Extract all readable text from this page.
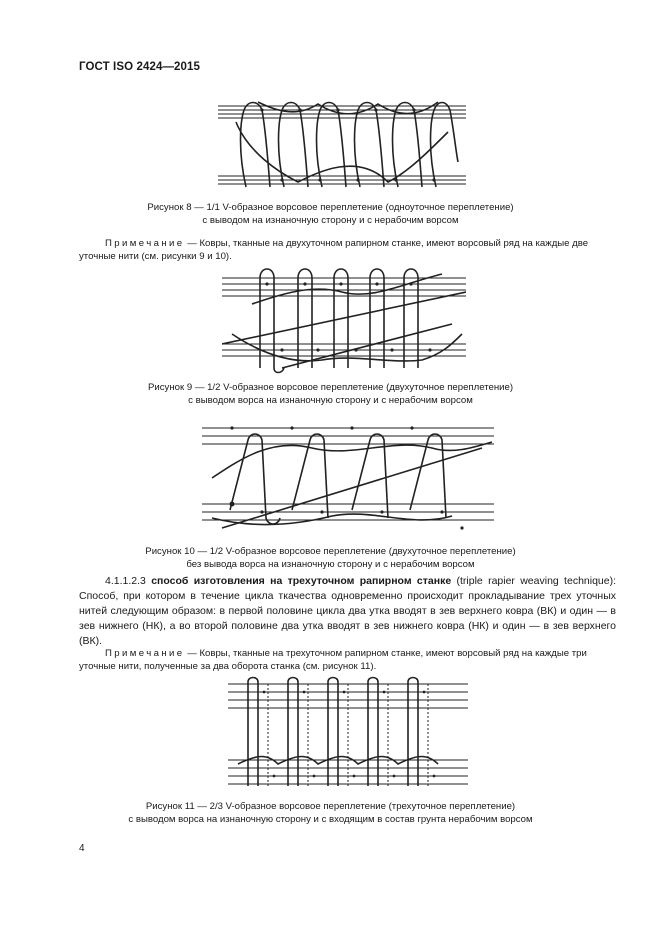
ГОСТ ISO 2424—2015
Рисунок 8 — 1/1 V-образное ворсовое переплетение (одноуточное переплетение)
с выводом на изнаночную сторону и с нерабочим ворсом
Примечание — Ковры, тканные на двухуточном рапирном станке, имеют ворсовый ряд на каждые две уточные нити (см. рисунки 9 и 10).
Рисунок 9 — 1/2 V-образное ворсовое переплетение (двухуточное переплетение)
с выводом ворса на изнаночную сторону и с нерабочим ворсом
Рисунок 10 — 1/2 V-образное ворсовое переплетение (двухуточное переплетение)
без вывода ворса на изнаночную сторону и с нерабочим ворсом
4.1.1.2.3 способ изготовления на трехуточном рапирном станке (triple rapier weaving technique): Способ, при котором в течение цикла ткачества одновременно происходит прокладывание трех уточных нитей следующим образом: в первой половине цикла два утка вводят в зев верхнего ковра (ВК) и один — в зев нижнего (НК), а во второй половине два утка вводят в зев нижнего ковра (НК) и один — в зев верхнего (ВК).
Примечание — Ковры, тканные на трехуточном рапирном станке, имеют ворсовый ряд на каждые три уточные нити, полученные за два оборота станка (см. рисунок 11).
Рисунок 11 — 2/3 V-образное ворсовое переплетение (трехуточное переплетение)
с выводом ворса на изнаночную сторону и с входящим в состав грунта нерабочим ворсом
4
